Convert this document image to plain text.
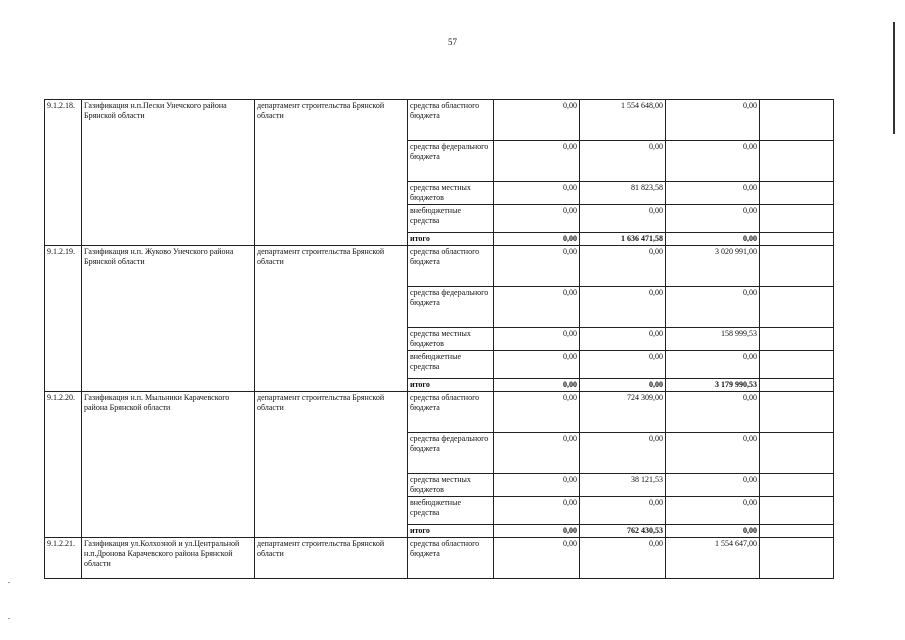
57
9.1.2.18.	Газификация н.п.Пески Унечского района Брянской области	департамент строительства Брянской области	средства областного бюджета	0,00	1 554 648,00	0,00	
			средства федерального бюджета	0,00	0,00	0,00	
			средства местных бюджетов	0,00	81 823,58	0,00	
			внебюджетные средства	0,00	0,00	0,00	
			итого	0,00	1 636 471,58	0,00	
9.1.2.19.	Газификация н.п. Жуково Унечского района Брянской области	департамент строительства Брянской области	средства областного бюджета	0,00	0,00	3 020 991,00	
			средства федерального бюджета	0,00	0,00	0,00	
			средства местных бюджетов	0,00	0,00	158 999,53	
			внебюджетные средства	0,00	0,00	0,00	
			итого	0,00	0,00	3 179 990,53	
9.1.2.20.	Газификация н.п. Мыльники Карачевского района Брянской области	департамент строительства Брянской области	средства областного бюджета	0,00	724 309,00	0,00	
			средства федерального бюджета	0,00	0,00	0,00	
			средства местных бюджетов	0,00	38 121,53	0,00	
			внебюджетные средства	0,00	0,00	0,00	
			итого	0,00	762 430,53	0,00	
9.1.2.21.	Газификация ул.Колхозной и ул.Центральной н.п.Дронова Карачевского района Брянской области	департамент строительства Брянской области	средства областного бюджета	0,00	0,00	1 554 647,00	
